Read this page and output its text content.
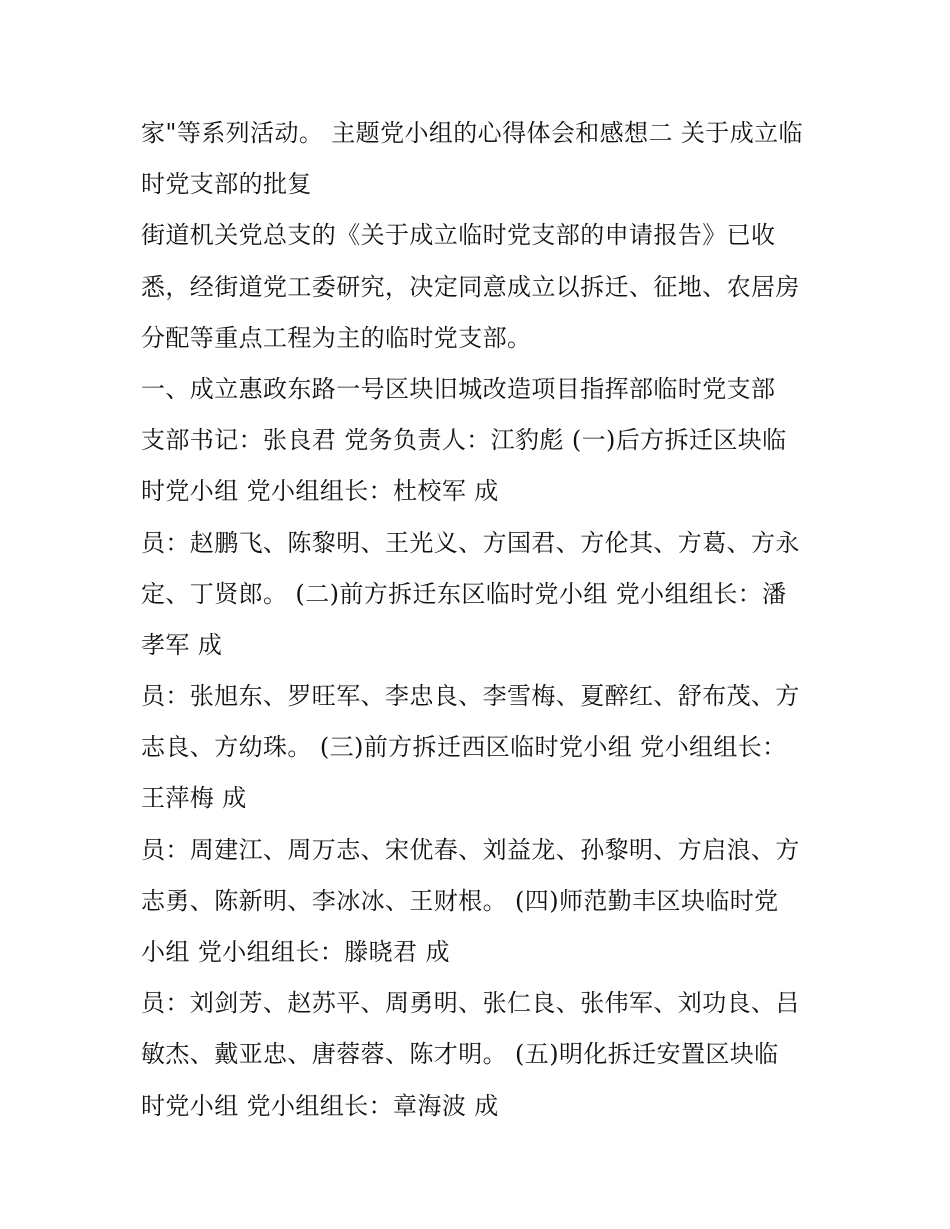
家"等系列活动。 主题党小组的心得体会和感想二 关于成立临
时党支部的批复
街道机关党总支的《关于成立临时党支部的申请报告》已收
悉，经街道党工委研究，决定同意成立以拆迁、征地、农居房
分配等重点工程为主的临时党支部。
一、成立惠政东路一号区块旧城改造项目指挥部临时党支部
支部书记：张良君 党务负责人：江豹彪 (一)后方拆迁区块临
时党小组 党小组组长：杜校军 成
员：赵鹏飞、陈黎明、王光义、方国君、方伦其、方葛、方永
定、丁贤郎。 (二)前方拆迁东区临时党小组 党小组组长：潘
孝军 成
员：张旭东、罗旺军、李忠良、李雪梅、夏醉红、舒布茂、方
志良、方幼珠。 (三)前方拆迁西区临时党小组 党小组组长：
王萍梅 成
员：周建江、周万志、宋优春、刘益龙、孙黎明、方启浪、方
志勇、陈新明、李冰冰、王财根。 (四)师范勤丰区块临时党
小组 党小组组长：滕晓君 成
员：刘剑芳、赵苏平、周勇明、张仁良、张伟军、刘功良、吕
敏杰、戴亚忠、唐蓉蓉、陈才明。 (五)明化拆迁安置区块临
时党小组 党小组组长：章海波 成
